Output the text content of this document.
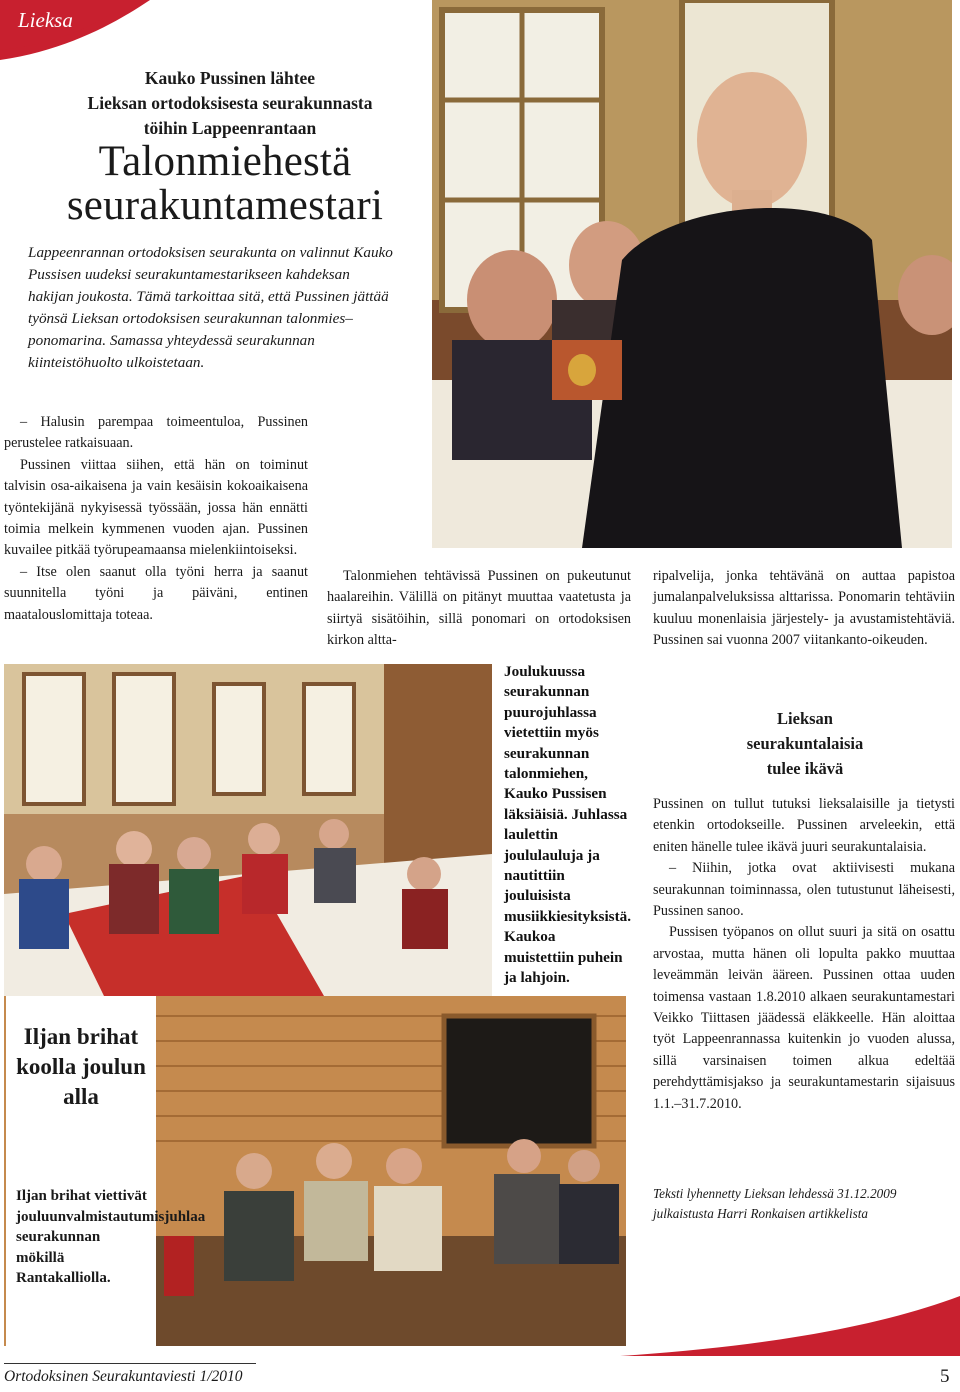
Lieksa
Kauko Pussinen lähtee
Lieksan ortodoksisesta seurakunnasta
töihin Lappeenrantaan
Talonmiehestä
seurakuntamestari

Lappeenrannan ortodoksisen seurakunta on valinnut Kauko Pussisen uudeksi seurakuntamestarikseen kahdeksan hakijan joukosta. Tämä tarkoittaa sitä, että Pussinen jättää työnsä Lieksan ortodoksisen seurakunnan talonmies–ponomarina. Samassa yhteydessä seurakunnan kiinteistöhuolto ulkoistetaan.

– Halusin parempaa toimeentuloa, Pussinen perustelee ratkaisuaan.

Pussinen viittaa siihen, että hän on toiminut talvisin osa-aikaisena ja vain kesäisin kokoaikaisena työntekijänä nykyisessä työssään, jossa hän ennätti toimia melkein kymmenen vuoden ajan. Pussinen kuvailee pitkää työrupeamaansa mielenkiintoiseksi.

– Itse olen saanut olla työni herra ja saanut suunnitella työni ja päiväni, entinen maatalouslomittaja toteaa.

Talonmiehen tehtävissä Pussinen on pukeutunut haalareihin. Välillä on pitänyt muuttaa vaatetusta ja siirtyä sisätöihin, sillä ponomari on ortodoksisen kirkon altta-

ripalvelija, jonka tehtävänä on auttaa papistoa jumalanpalveluksissa alttarissa. Ponomarin tehtäviin kuuluu monenlaisia järjestely- ja avustamistehtäviä. Pussinen sai vuonna 2007 viitankanto-oikeuden.

Joulukuussa seurakunnan puurojuhlassa vietettiin myös seurakunnan talonmiehen, Kauko Pussisen läksiäisiä. Juhlassa laulettin joululauluja ja nautittiin jouluisista musiikkiesityksistä. Kaukoa muistettiin puhein ja lahjoin.

Iljan brihat koolla joulun alla
Iljan brihat viettivät jouluunvalmistautumisjuhlaa seurakunnan mökillä Rantakalliolla.
Lieksan
seurakuntalaisia
tulee ikävä

Pussinen on tullut tutuksi lieksalaisille ja tietysti etenkin ortodokseille. Pussinen arveleekin, että eniten hänelle tulee ikävä juuri seurakuntalaisia.

– Niihin, jotka ovat aktiivisesti mukana seurakunnan toiminnassa, olen tutustunut läheisesti, Pussinen sanoo.

Pussisen työpanos on ollut suuri ja sitä on osattu arvostaa, mutta hänen oli lopulta pakko muuttaa leveämmän leivän ääreen. Pussinen ottaa uuden toimensa vastaan 1.8.2010 alkaen seurakuntamestari Veikko Tiittasen jäädessä eläkkeelle. Hän aloittaa työt Lappeenrannassa kuitenkin jo vuoden alussa, sillä varsinaisen toimen alkua edeltää perehdyttämisjakso ja seurakuntamestarin sijaisuus 1.1.–31.7.2010.

Teksti lyhennetty Lieksan lehdessä 31.12.2009 julkaistusta Harri Ronkaisen artikkelista

Ortodoksinen Seurakuntaviesti 1/2010	5
